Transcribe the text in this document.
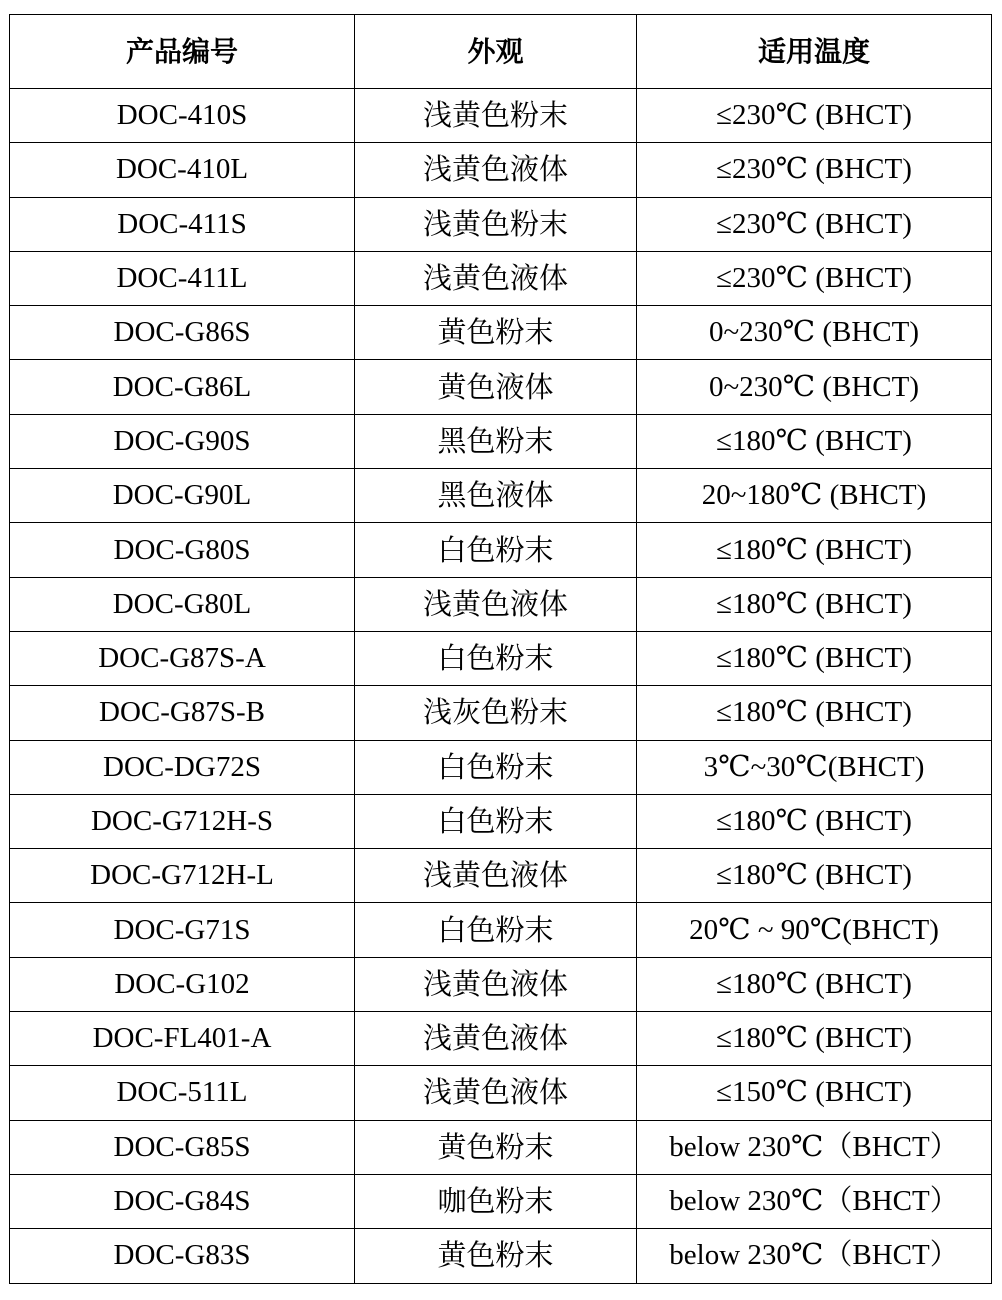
产品编号	外观	适用温度
DOC-410S	浅黄色粉末	≤230℃ (BHCT)
DOC-410L	浅黄色液体	≤230℃ (BHCT)
DOC-411S	浅黄色粉末	≤230℃ (BHCT)
DOC-411L	浅黄色液体	≤230℃ (BHCT)
DOC-G86S	黄色粉末	0~230℃ (BHCT)
DOC-G86L	黄色液体	0~230℃ (BHCT)
DOC-G90S	黑色粉末	≤180℃ (BHCT)
DOC-G90L	黑色液体	20~180℃ (BHCT)
DOC-G80S	白色粉末	≤180℃ (BHCT)
DOC-G80L	浅黄色液体	≤180℃ (BHCT)
DOC-G87S-A	白色粉末	≤180℃ (BHCT)
DOC-G87S-B	浅灰色粉末	≤180℃ (BHCT)
DOC-DG72S	白色粉末	3℃~30℃(BHCT)
DOC-G712H-S	白色粉末	≤180℃ (BHCT)
DOC-G712H-L	浅黄色液体	≤180℃ (BHCT)
DOC-G71S	白色粉末	20℃ ~ 90℃(BHCT)
DOC-G102	浅黄色液体	≤180℃ (BHCT)
DOC-FL401-A	浅黄色液体	≤180℃ (BHCT)
DOC-511L	浅黄色液体	≤150℃ (BHCT)
DOC-G85S	黄色粉末	below 230℃（BHCT）
DOC-G84S	咖色粉末	below 230℃（BHCT）
DOC-G83S	黄色粉末	below 230℃（BHCT）
